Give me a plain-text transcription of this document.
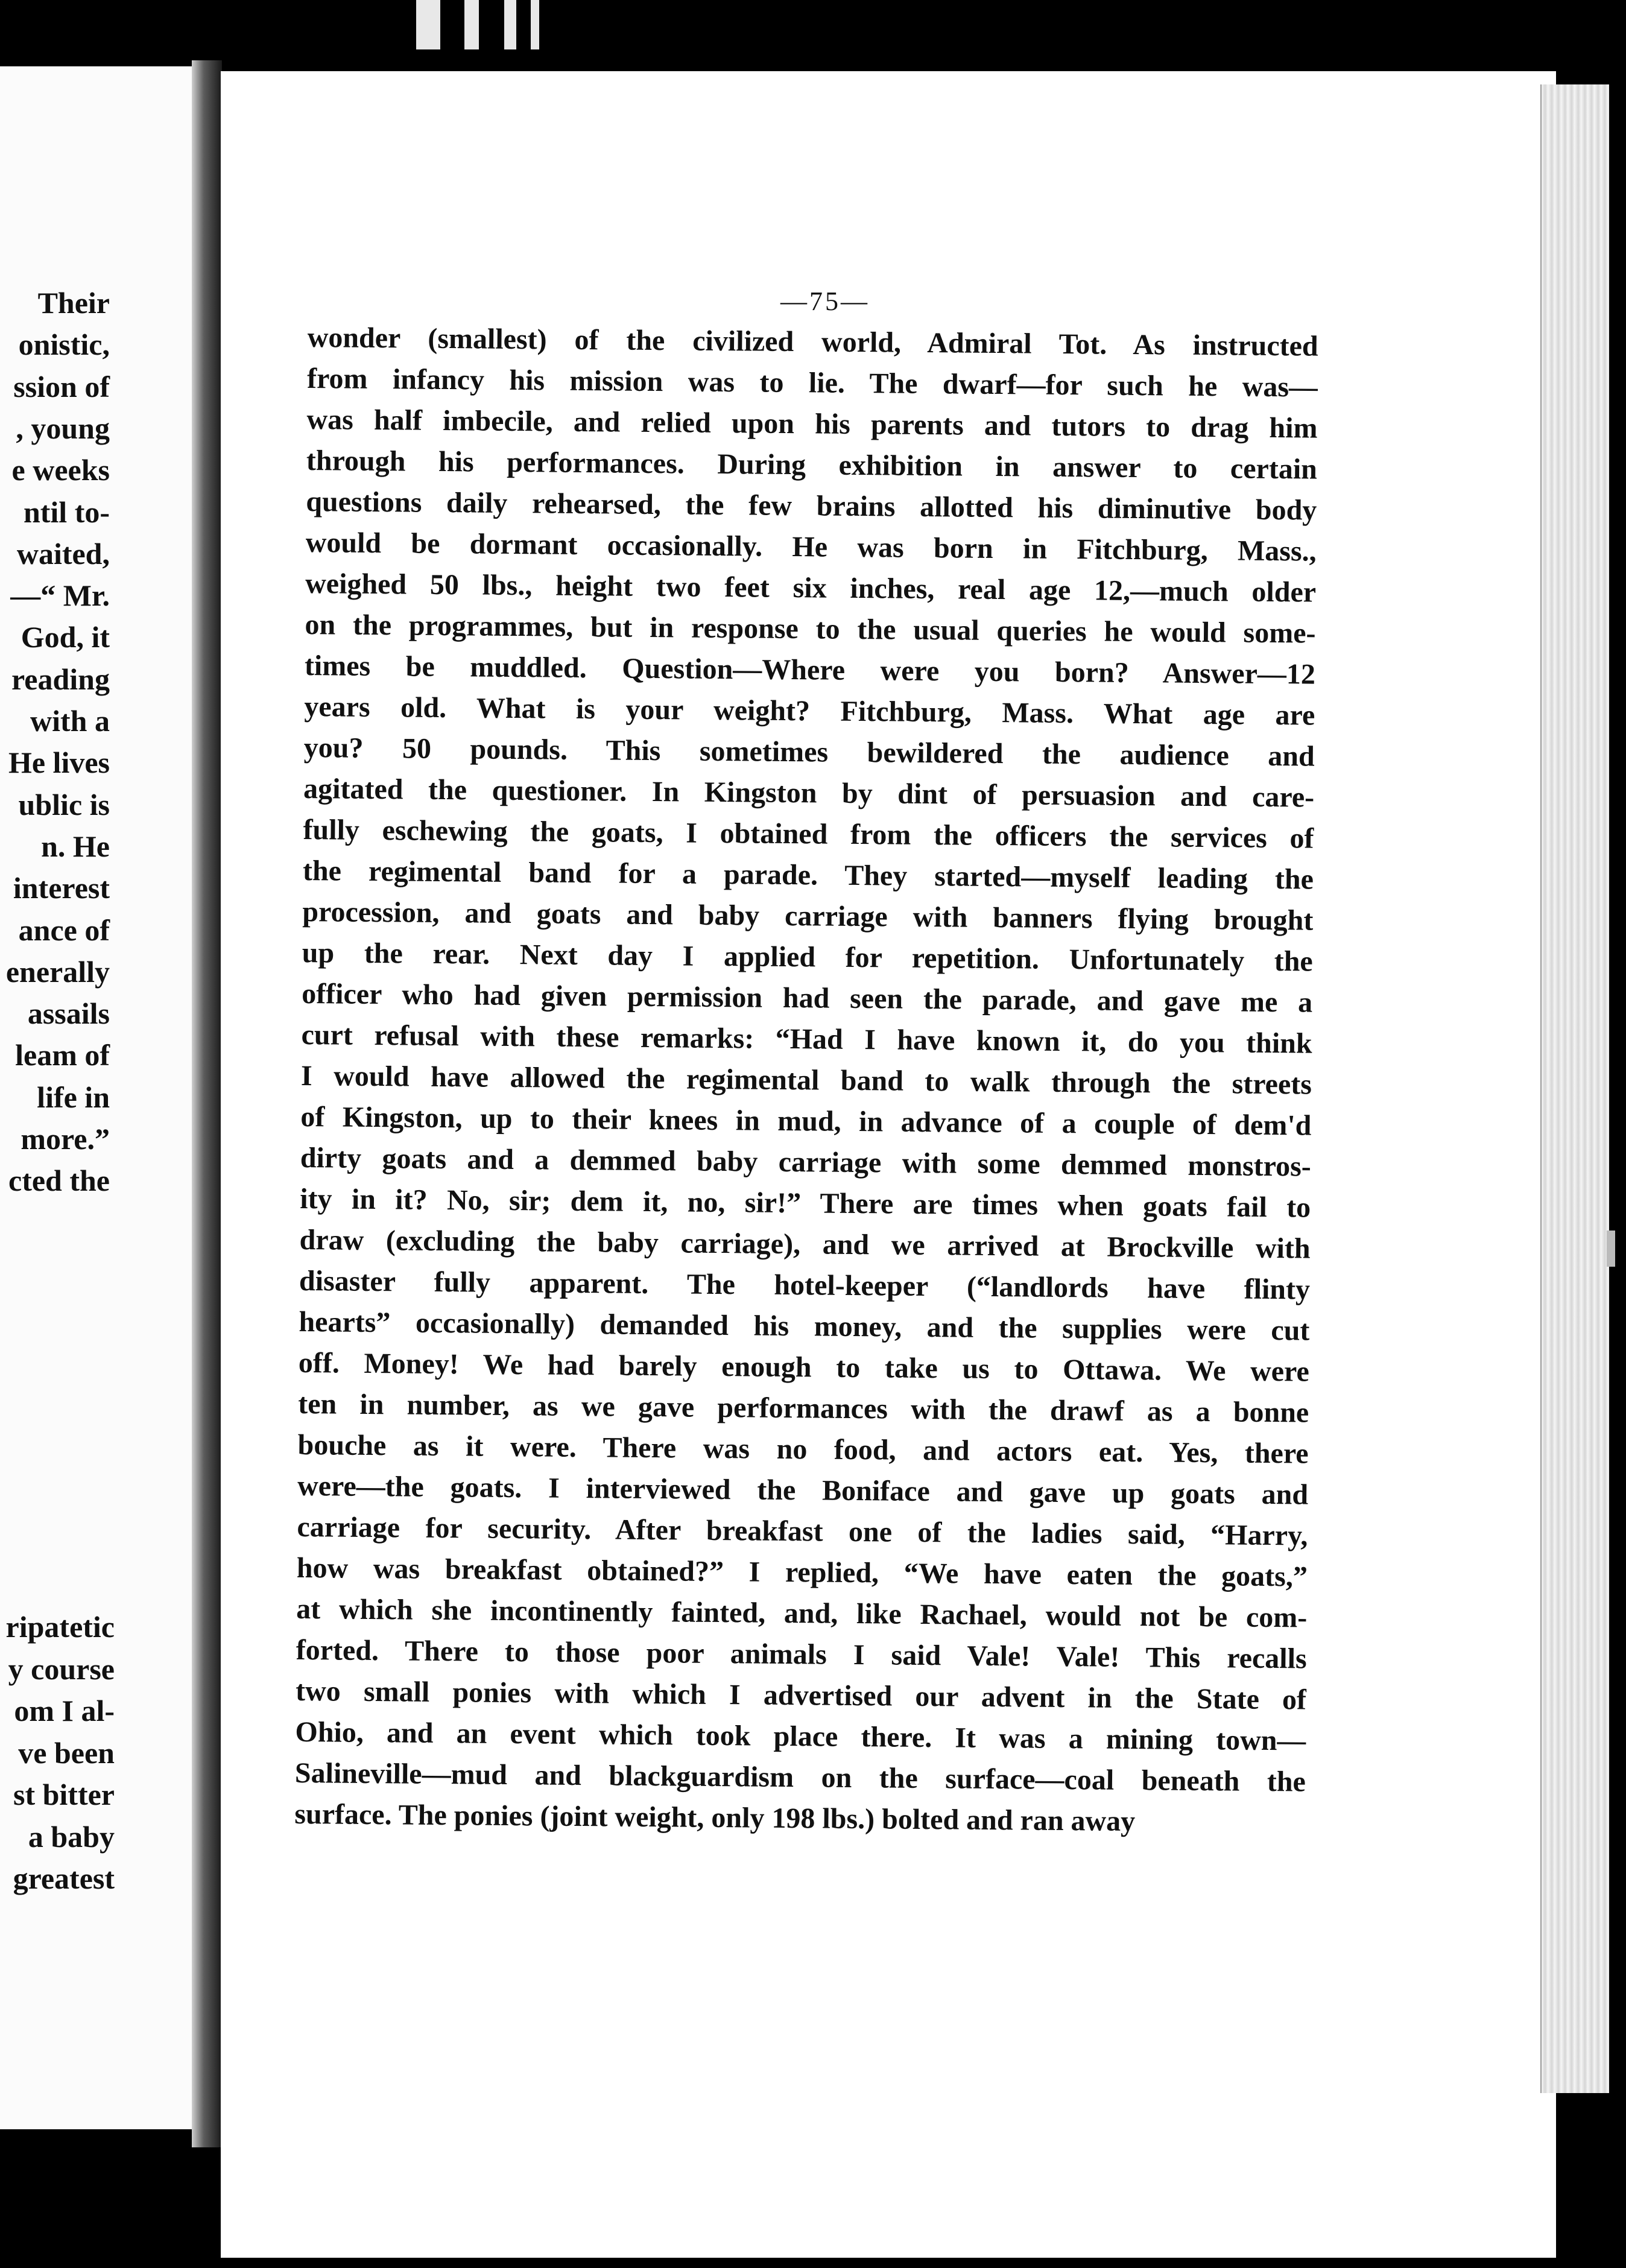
Their
onistic,
ssion of
, young
e weeks
ntil to-
waited,
—“ Mr.
God, it
reading
with a
He lives
ublic is
n. He
interest
ance of
enerally
assails
leam of
life in
more.”
cted the
ripatetic
y course
om I al-
ve been
st bitter
a baby
greatest
—75—
wonder (smallest) of the civilized world, Admiral Tot. As instructed
from infancy his mission was to lie. The dwarf—for such he was—
was half imbecile, and relied upon his parents and tutors to drag him
through his performances. During exhibition in answer to certain
questions daily rehearsed, the few brains allotted his diminutive body
would be dormant occasionally. He was born in Fitchburg, Mass.,
weighed 50 lbs., height two feet six inches, real age 12,—much older
on the programmes, but in response to the usual queries he would some-
times be muddled. Question—Where were you born? Answer—12
years old. What is your weight? Fitchburg, Mass. What age are
you? 50 pounds. This sometimes bewildered the audience and
agitated the questioner. In Kingston by dint of persuasion and care-
fully eschewing the goats, I obtained from the officers the services of
the regimental band for a parade. They started—myself leading the
procession, and goats and baby carriage with banners flying brought
up the rear. Next day I applied for repetition. Unfortunately the
officer who had given permission had seen the parade, and gave me a
curt refusal with these remarks: “Had I have known it, do you think
I would have allowed the regimental band to walk through the streets
of Kingston, up to their knees in mud, in advance of a couple of dem'd
dirty goats and a demmed baby carriage with some demmed monstros-
ity in it? No, sir; dem it, no, sir!” There are times when goats fail to
draw (excluding the baby carriage), and we arrived at Brockville with
disaster fully apparent. The hotel-keeper (“landlords have flinty
hearts” occasionally) demanded his money, and the supplies were cut
off. Money! We had barely enough to take us to Ottawa. We were
ten in number, as we gave performances with the drawf as a bonne
bouche as it were. There was no food, and actors eat. Yes, there
were—the goats. I interviewed the Boniface and gave up goats and
carriage for security. After breakfast one of the ladies said, “Harry,
how was breakfast obtained?” I replied, “We have eaten the goats,”
at which she incontinently fainted, and, like Rachael, would not be com-
forted. There to those poor animals I said Vale! Vale! This recalls
two small ponies with which I advertised our advent in the State of
Ohio, and an event which took place there. It was a mining town—
Salineville—mud and blackguardism on the surface—coal beneath the
surface. The ponies (joint weight, only 198 lbs.) bolted and ran away
